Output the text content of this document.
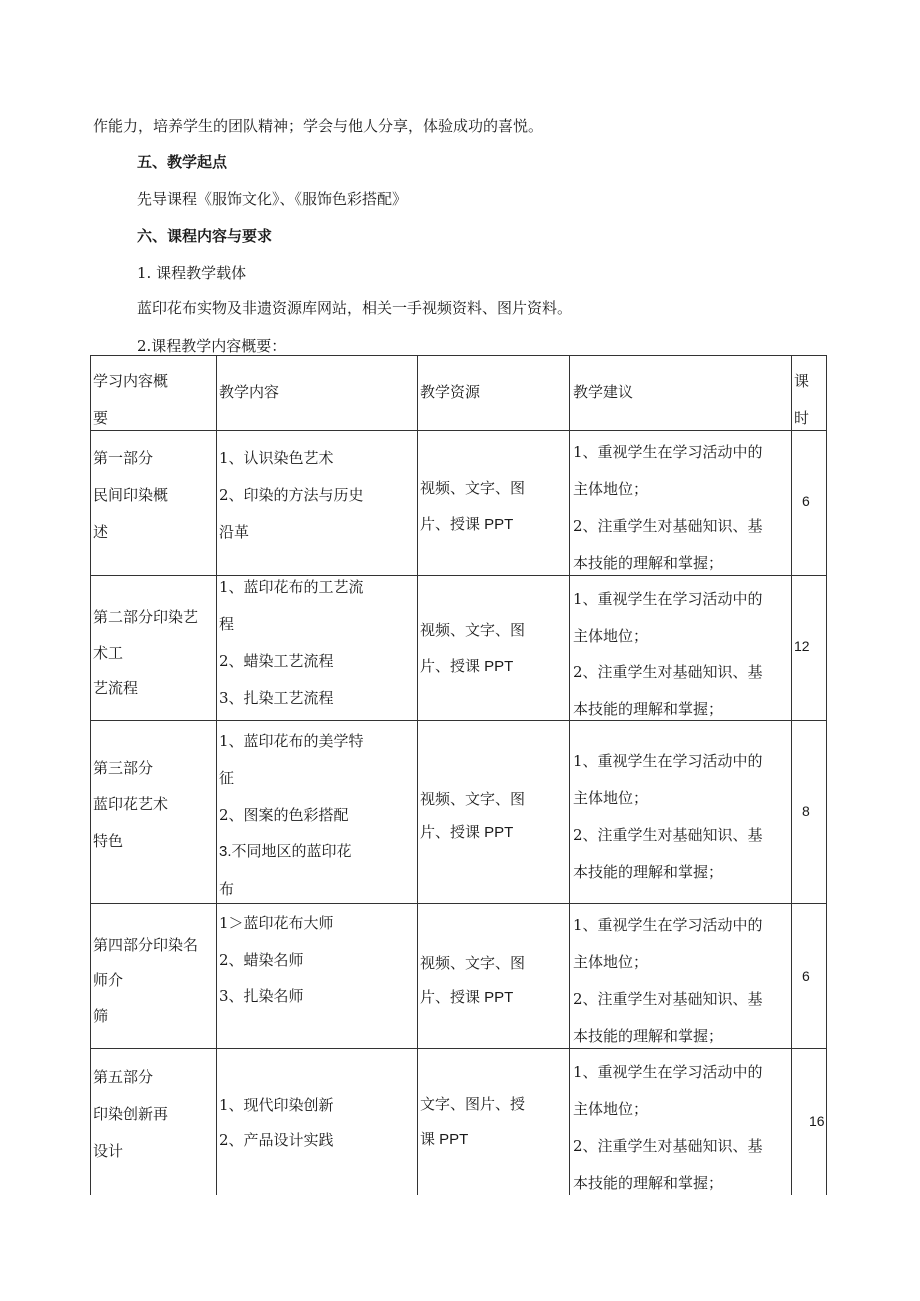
作能力，培养学生的团队精神；学会与他人分享，体验成功的喜悦。
五、教学起点
先导课程《服饰文化》、《服饰色彩搭配》
六、课程内容与要求
1. 课程教学载体
蓝印花布实物及非遗资源库网站，相关一手视频资料、图片资料。
2.课程教学内容概要：
学习内容概
要
教学内容	教学资源	教学建议
课
时
第一部分
民间印染概
述
1、认识染色艺术
2、印染的方法与历史
沿革
视频、文字、图
片、授课 PPT
1、重视学生在学习活动中的
主体地位；
2、注重学生对基础知识、基
本技能的理解和掌握；
6
第二部分印染艺
术工
艺流程
1、蓝印花布的工艺流
程
2、蜡染工艺流程
3、扎染工艺流程
视频、文字、图
片、授课 PPT
1、重视学生在学习活动中的
主体地位；
2、注重学生对基础知识、基
本技能的理解和掌握；
12
第三部分
蓝印花艺术
特色
1、蓝印花布的美学特
征
2、图案的色彩搭配
3.不同地区的蓝印花
布
视频、文字、图
片、授课 PPT
1、重视学生在学习活动中的
主体地位；
2、注重学生对基础知识、基
本技能的理解和掌握；
8
第四部分印染名
师介
筛
1＞蓝印花布大师
2、蜡染名师
3、扎染名师
视频、文字、图
片、授课 PPT
1、重视学生在学习活动中的
主体地位；
2、注重学生对基础知识、基
本技能的理解和掌握；
6
第五部分
印染创新再
设计
1、现代印染创新
2、产品设计实践
文字、图片、授
课 PPT
1、重视学生在学习活动中的
主体地位；
2、注重学生对基础知识、基
本技能的理解和掌握；
16
